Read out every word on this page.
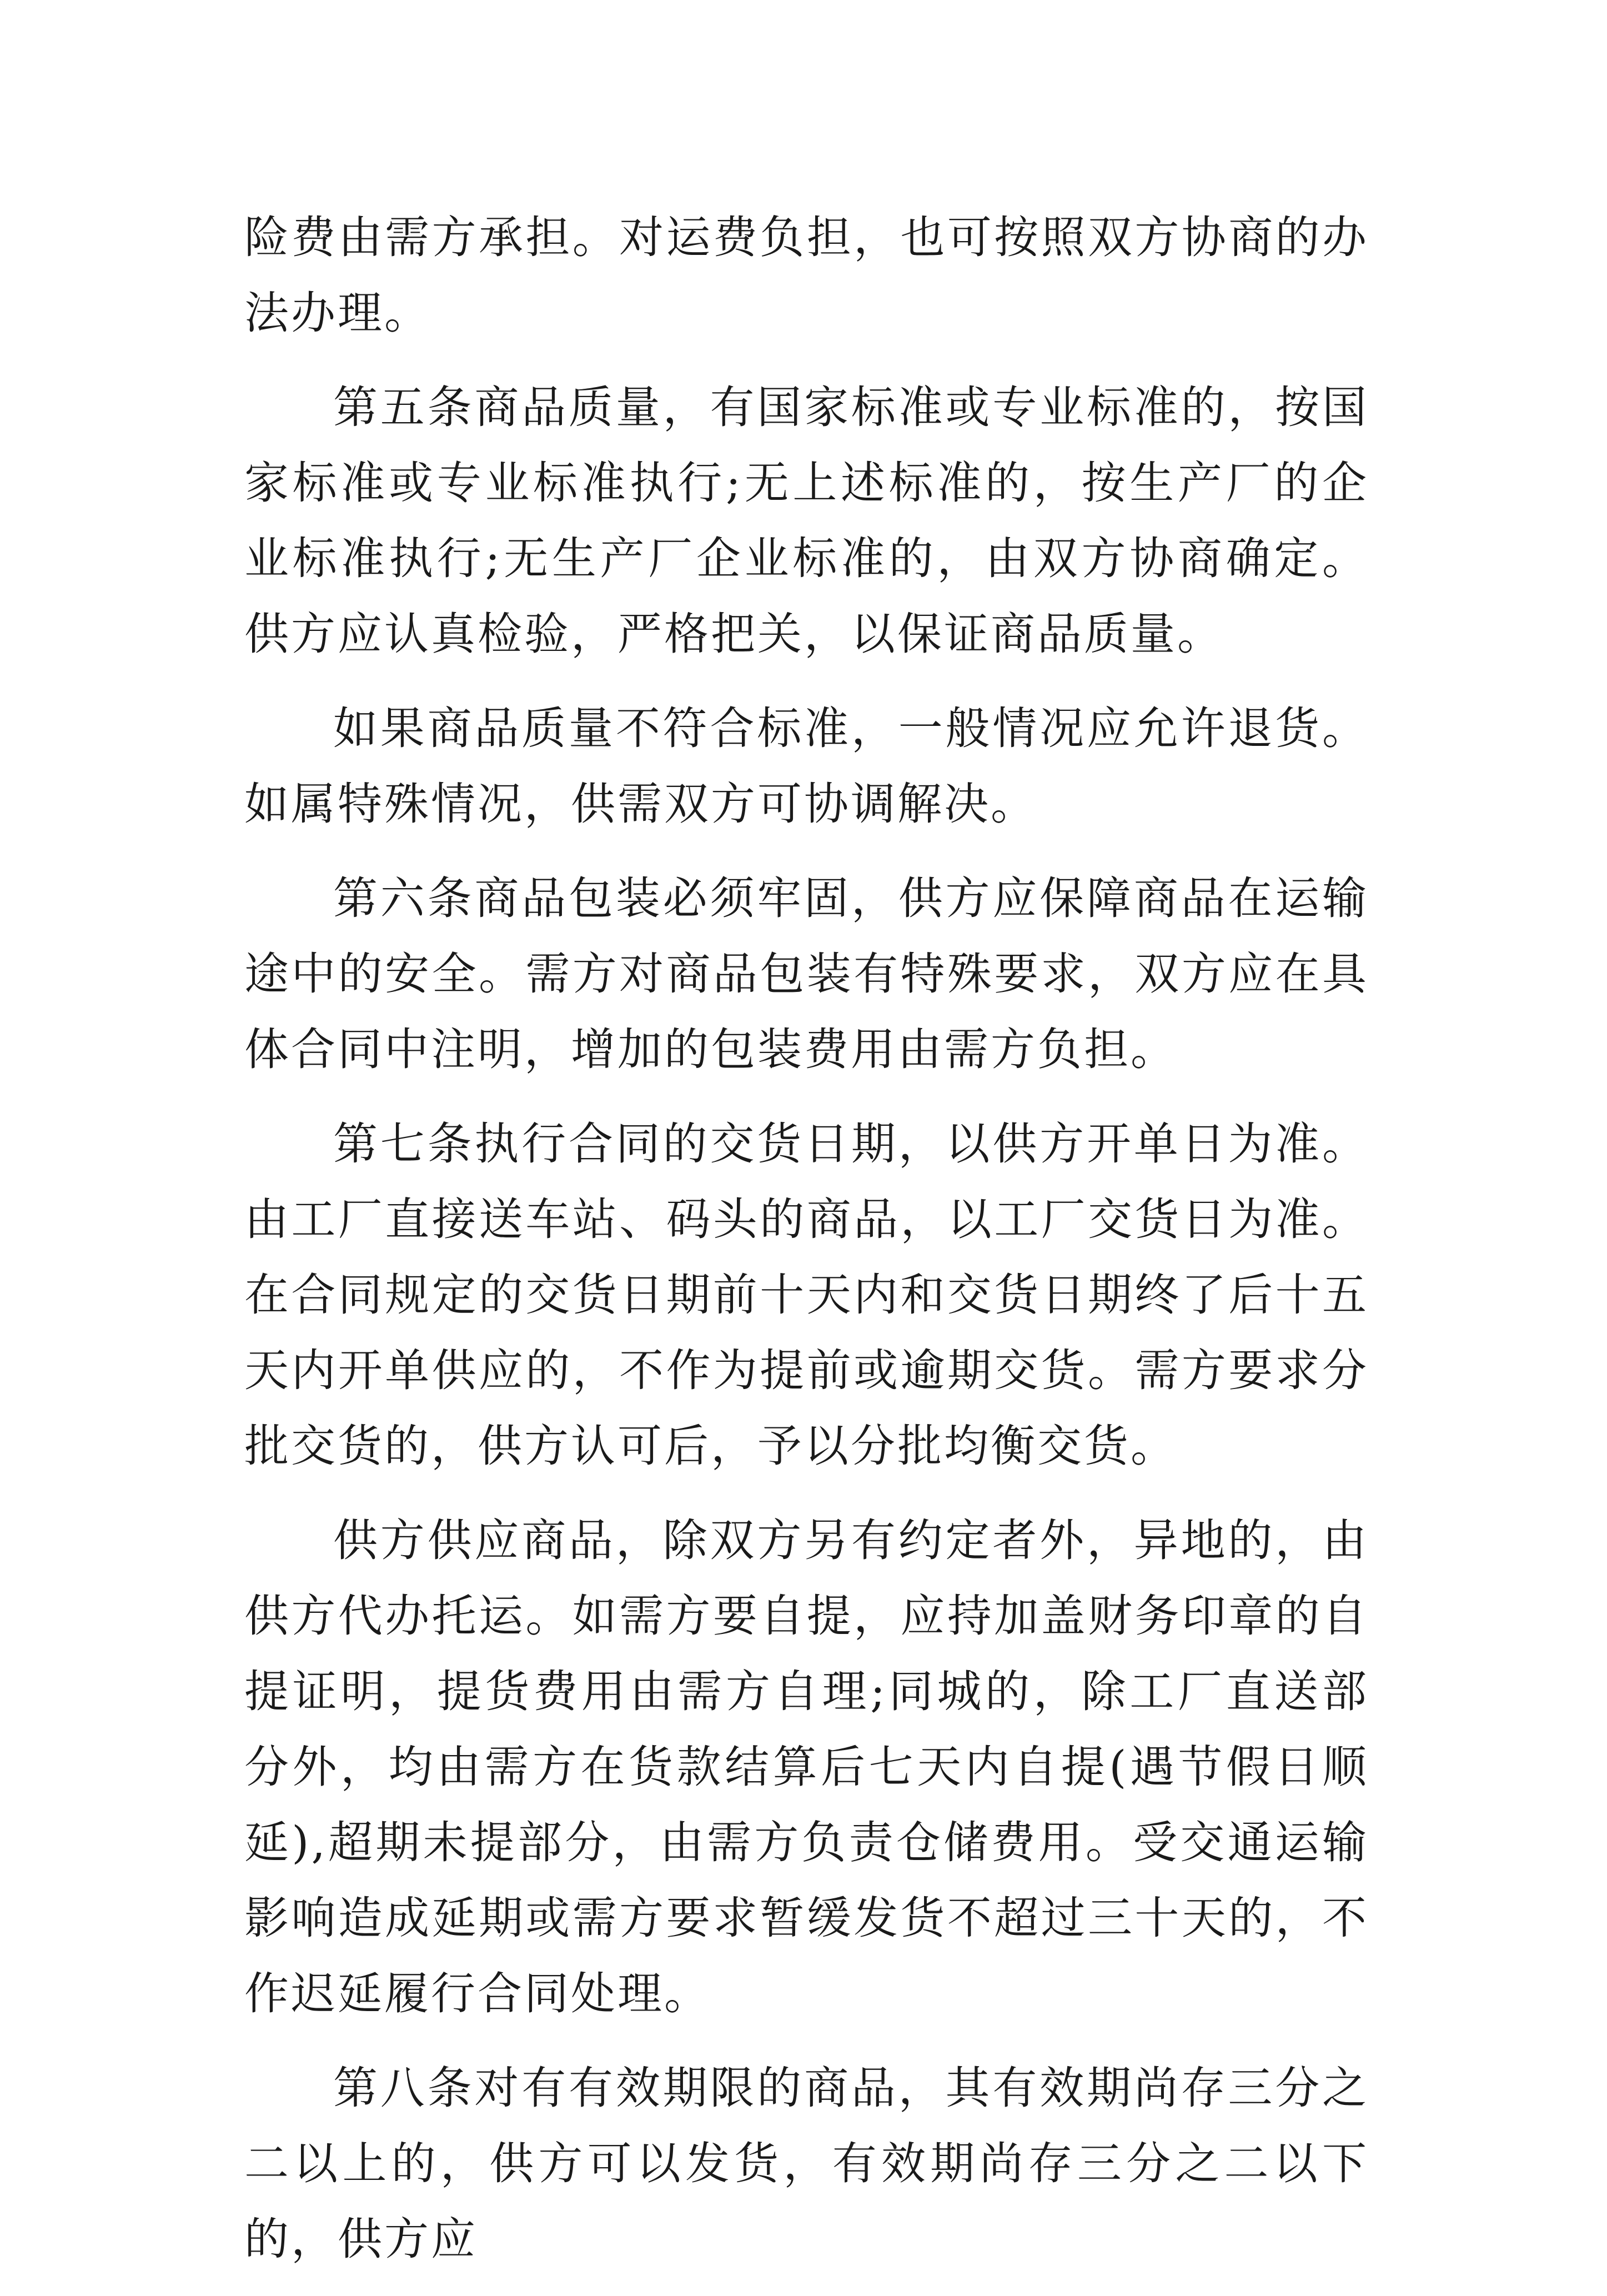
险费由需方承担。对运费负担，也可按照双方协商的办法办理。

第五条商品质量，有国家标准或专业标准的，按国家标准或专业标准执行;无上述标准的，按生产厂的企业标准执行;无生产厂企业标准的，由双方协商确定。供方应认真检验，严格把关，以保证商品质量。

如果商品质量不符合标准，一般情况应允许退货。如属特殊情况，供需双方可协调解决。

第六条商品包装必须牢固，供方应保障商品在运输途中的安全。需方对商品包装有特殊要求，双方应在具体合同中注明，增加的包装费用由需方负担。

第七条执行合同的交货日期，以供方开单日为准。由工厂直接送车站、码头的商品，以工厂交货日为准。在合同规定的交货日期前十天内和交货日期终了后十五天内开单供应的，不作为提前或逾期交货。需方要求分批交货的，供方认可后，予以分批均衡交货。

供方供应商品，除双方另有约定者外，异地的，由供方代办托运。如需方要自提，应持加盖财务印章的自提证明，提货费用由需方自理;同城的，除工厂直送部分外，均由需方在货款结算后七天内自提(遇节假日顺延),超期未提部分，由需方负责仓储费用。受交通运输影响造成延期或需方要求暂缓发货不超过三十天的，不作迟延履行合同处理。

第八条对有有效期限的商品，其有效期尚存三分之二以上的，供方可以发货，有效期尚存三分之二以下的，供方应
